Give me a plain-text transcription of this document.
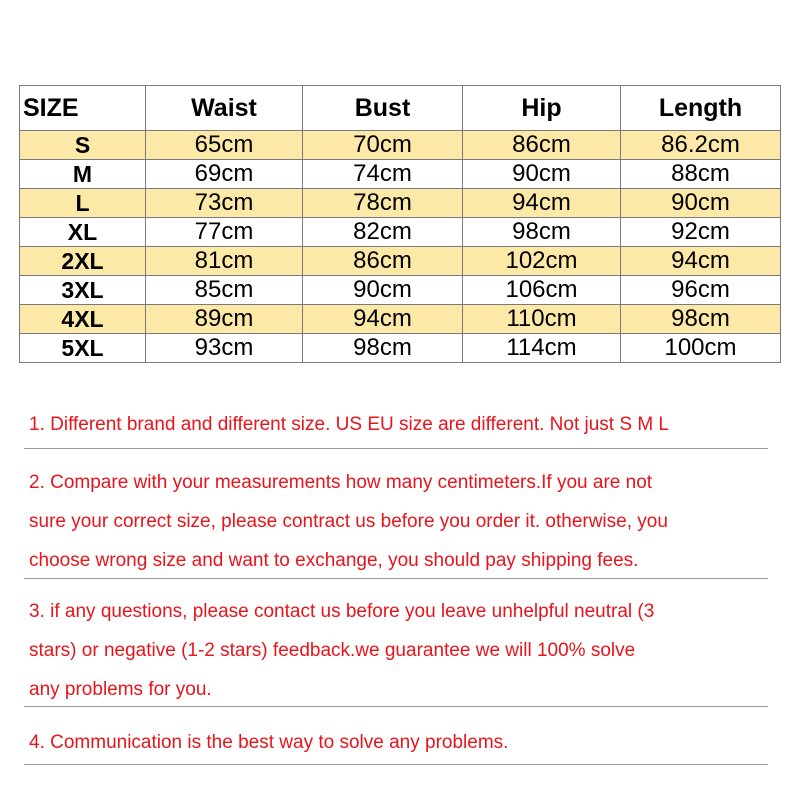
SIZE	Waist	Bust	Hip	Length
S	65cm	70cm	86cm	86.2cm
M	69cm	74cm	90cm	88cm
L	73cm	78cm	94cm	90cm
XL	77cm	82cm	98cm	92cm
2XL	81cm	86cm	102cm	94cm
3XL	85cm	90cm	106cm	96cm
4XL	89cm	94cm	110cm	98cm
5XL	93cm	98cm	114cm	100cm

1. Different brand and different size. US EU size are different. Not just S M L

2. Compare with your measurements how many centimeters.If you are not
sure your correct size, please contract us before you order it. otherwise, you
choose wrong size and want to exchange, you should pay shipping fees.

3. if any questions, please contact us before you leave unhelpful neutral (3
stars) or negative (1-2 stars) feedback.we guarantee we will 100% solve
any problems for you.

4. Communication is the best way to solve any problems.
